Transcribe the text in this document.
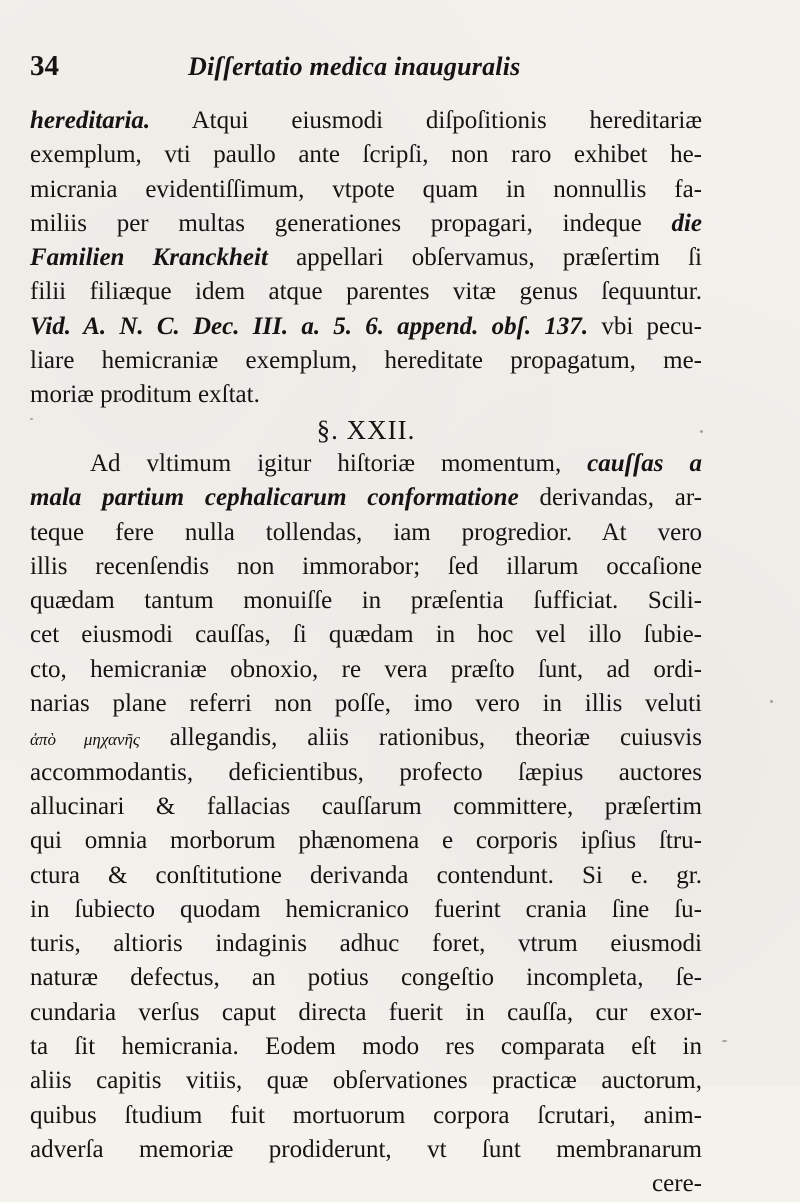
34	Diſſertatio medica inauguralis
hereditaria. Atqui eiusmodi diſpoſitionis hereditariæ
exemplum, vti paullo ante ſcripſi, non raro exhibet he-
micrania evidentiſſimum, vtpote quam in nonnullis fa-
miliis per multas generationes propagari, indeque die
Familien Kranckheit appellari obſervamus, præſertim ſi
filii filiæque idem atque parentes vitæ genus ſequuntur.
Vid. A. N. C. Dec. III. a. 5. 6. append. obſ. 137. vbi pecu-
liare hemicraniæ exemplum, hereditate propagatum, me-
moriæ proditum exſtat.
§. XXII.
Ad vltimum igitur hiſtoriæ momentum, cauſſas a
mala partium cephalicarum conformatione derivandas, ar-
teque fere nulla tollendas, iam progredior. At vero
illis recenſendis non immorabor; ſed illarum occaſione
quædam tantum monuiſſe in præſentia ſufficiat. Scili-
cet eiusmodi cauſſas, ſi quædam in hoc vel illo ſubie-
cto, hemicraniæ obnoxio, re vera præſto ſunt, ad ordi-
narias plane referri non poſſe, imo vero in illis veluti
ἀπὸ μηχανῆς allegandis, aliis rationibus, theoriæ cuiusvis
accommodantis, deficientibus, profecto ſæpius auctores
allucinari & fallacias cauſſarum committere, præſertim
qui omnia morborum phænomena e corporis ipſius ſtru-
ctura & conſtitutione derivanda contendunt. Si e. gr.
in ſubiecto quodam hemicranico fuerint crania ſine ſu-
turis, altioris indaginis adhuc foret, vtrum eiusmodi
naturæ defectus, an potius congeſtio incompleta, ſe-
cundaria verſus caput directa fuerit in cauſſa, cur exor-
ta ſit hemicrania. Eodem modo res comparata eſt in
aliis capitis vitiis, quæ obſervationes practicæ auctorum,
quibus ſtudium fuit mortuorum corpora ſcrutari, anim-
adverſa memoriæ prodiderunt, vt ſunt membranarum
cere-
